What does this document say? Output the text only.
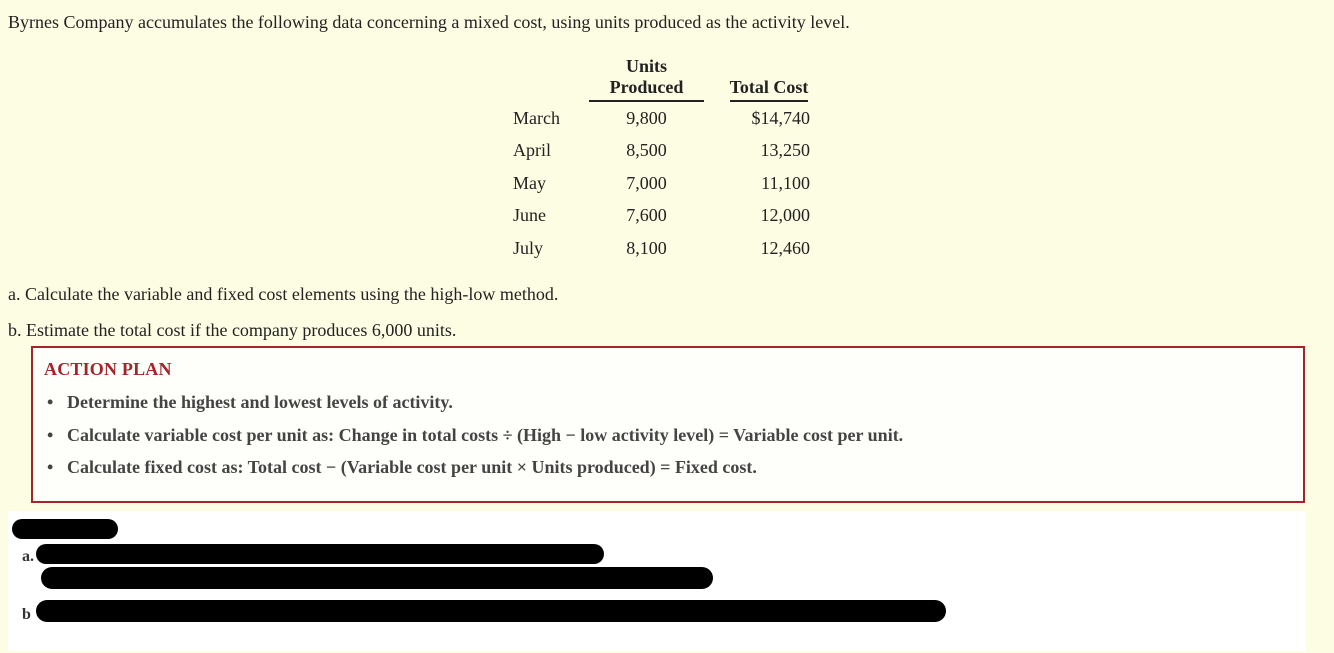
Byrnes Company accumulates the following data concerning a mixed cost, using units produced as the activity level.
	Units Produced	Total Cost
March	9,800	$14,740
April	8,500	13,250
May	7,000	11,100
June	7,600	12,000
July	8,100	12,460
a. Calculate the variable and fixed cost elements using the high-low method.
b. Estimate the total cost if the company produces 6,000 units.
ACTION PLAN
• Determine the highest and lowest levels of activity.
• Calculate variable cost per unit as: Change in total costs ÷ (High − low activity level) = Variable cost per unit.
• Calculate fixed cost as: Total cost − (Variable cost per unit × Units produced) = Fixed cost.
a.
b
